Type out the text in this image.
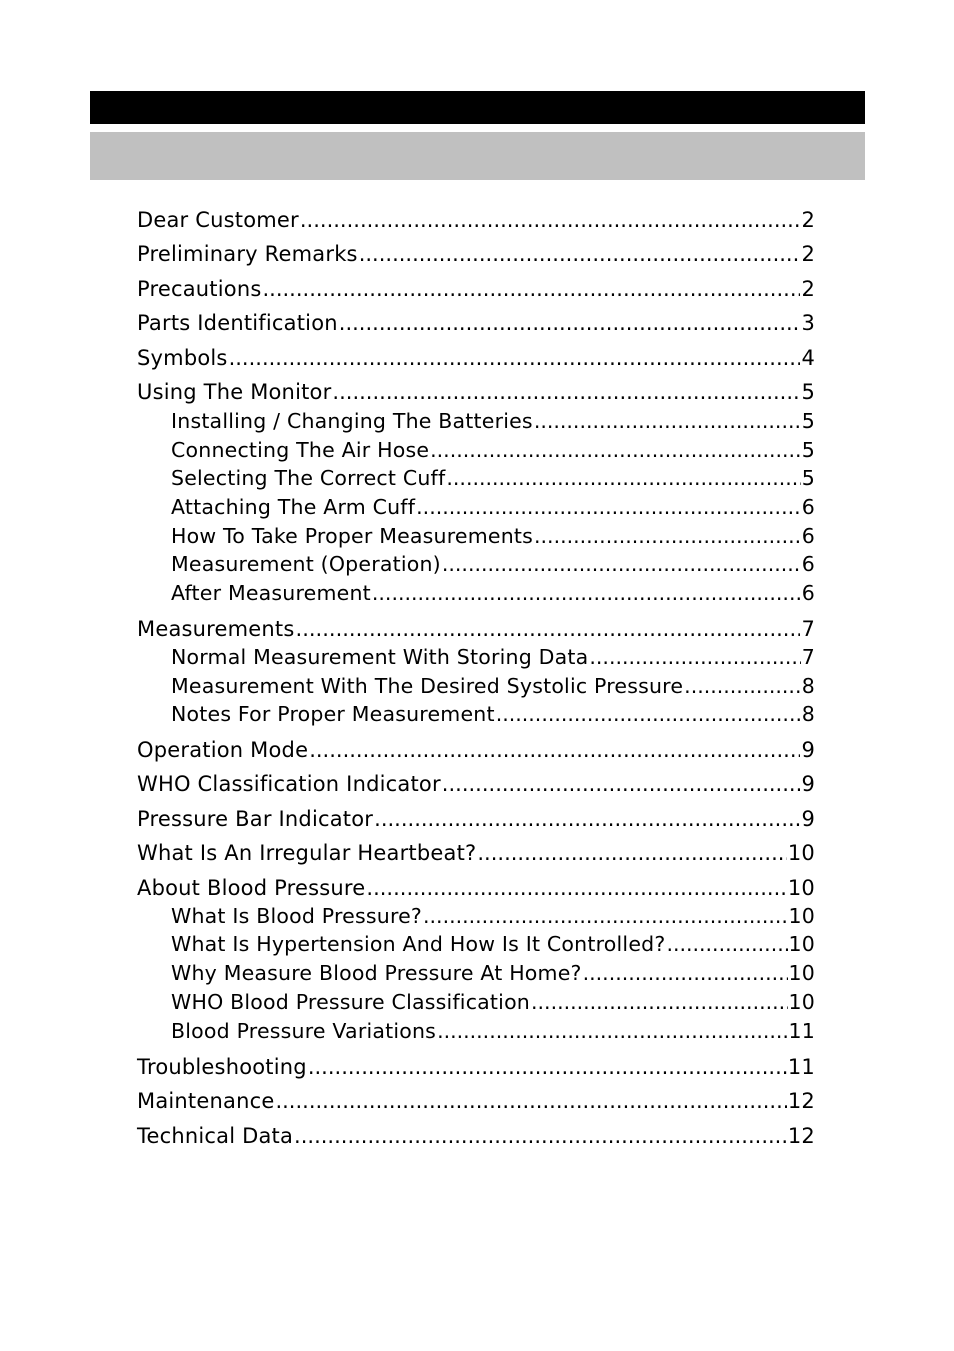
Dear Customer .....	2
Preliminary Remarks .....	2
Precautions .....	2
Parts Identification .....	3
Symbols .....	4
Using The Monitor .....	5
Installing / Changing The Batteries .....	5
Connecting The Air Hose .....	5
Selecting The Correct Cuff .....	5
Attaching The Arm Cuff .....	6
How To Take Proper Measurements .....	6
Measurement (Operation) .....	6
After Measurement .....	6
Measurements .....	7
Normal Measurement With Storing Data .....	7
Measurement With The Desired Systolic Pressure .....	8
Notes For Proper Measurement .....	8
Operation Mode .....	9
WHO Classification Indicator .....	9
Pressure Bar Indicator .....	9
What Is An Irregular Heartbeat? .....	10
About Blood Pressure .....	10
What Is Blood Pressure? .....	10
What Is Hypertension And How Is It Controlled? .....	10
Why Measure Blood Pressure At Home? .....	10
WHO Blood Pressure Classification .....	10
Blood Pressure Variations .....	11
Troubleshooting .....	11
Maintenance .....	12
Technical Data .....	12
